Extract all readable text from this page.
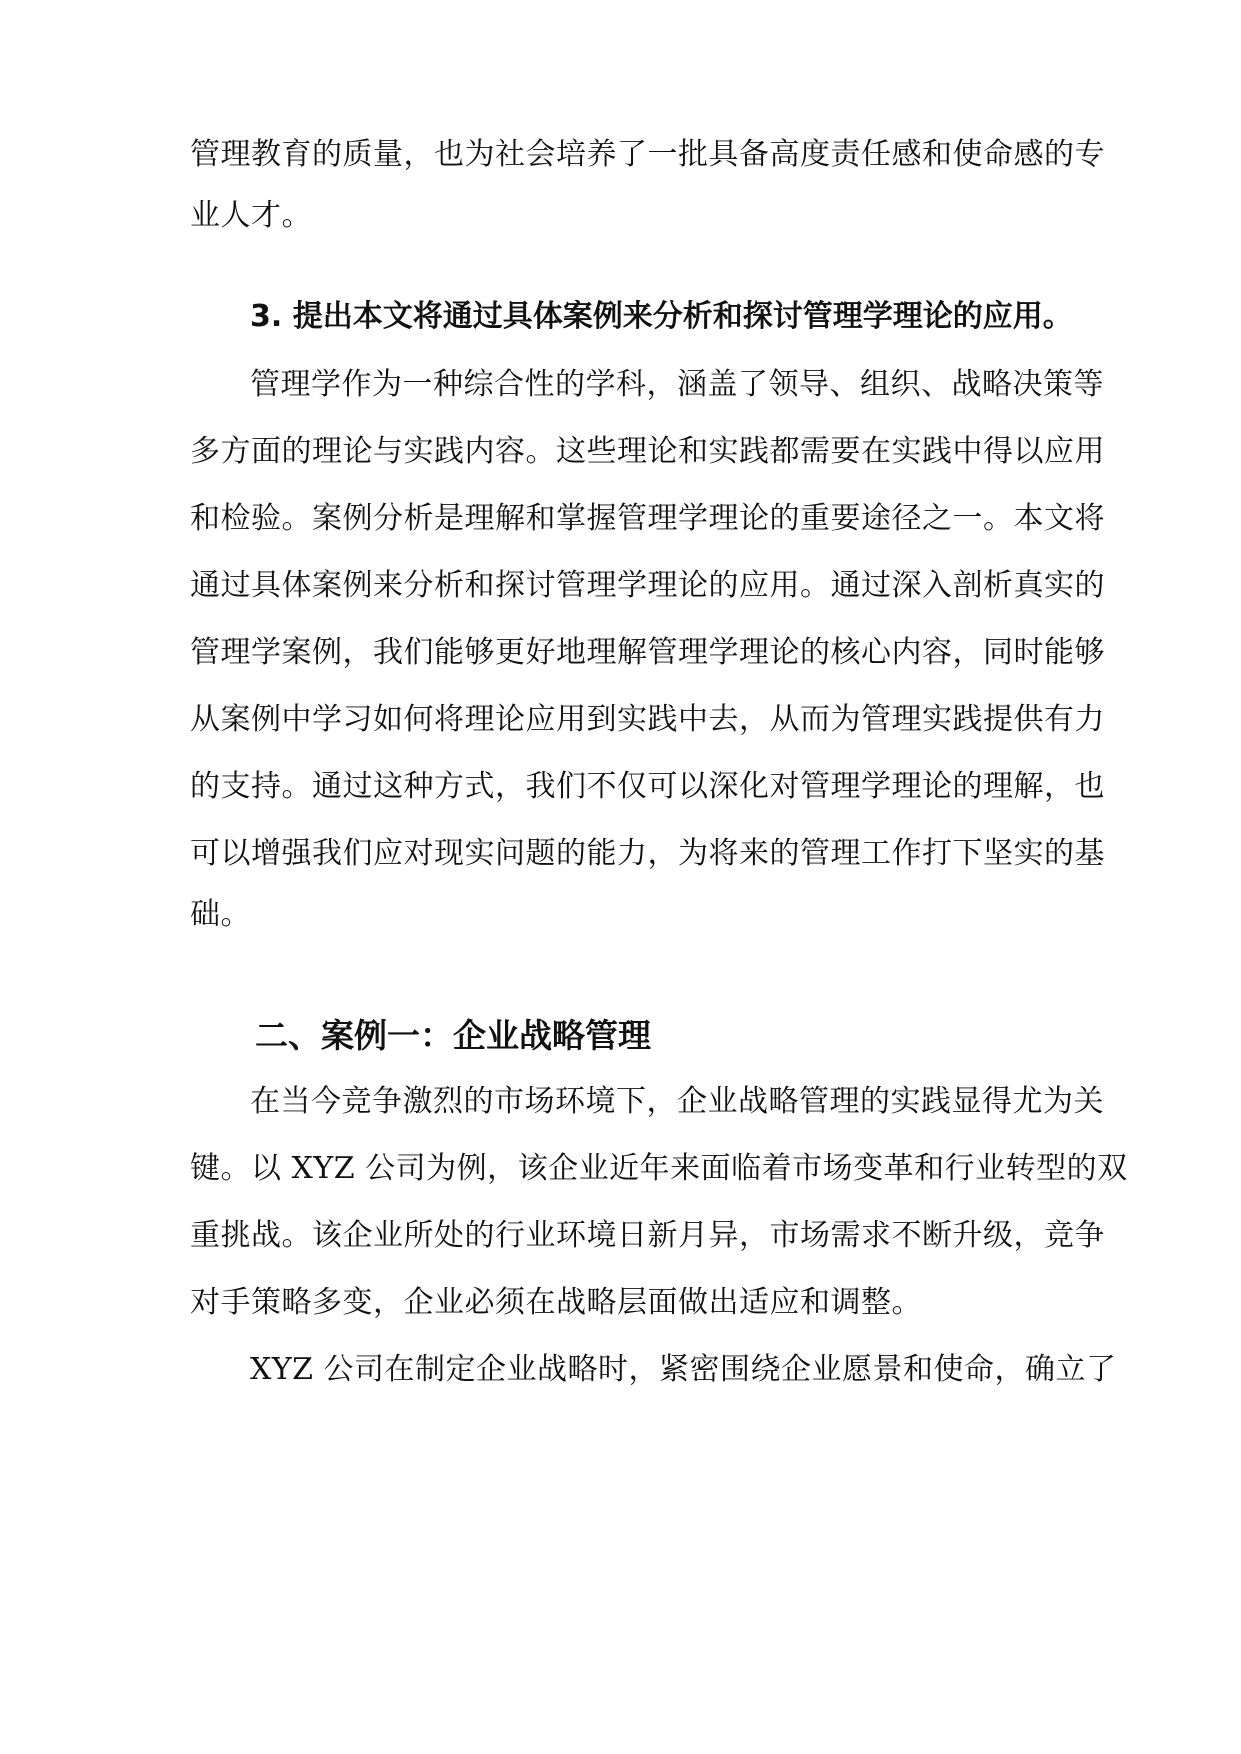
管理教育的质量，也为社会培养了一批具备高度责任感和使命感的专
业人才。
3. 提出本文将通过具体案例来分析和探讨管理学理论的应用。
管理学作为一种综合性的学科，涵盖了领导、组织、战略决策等
多方面的理论与实践内容。这些理论和实践都需要在实践中得以应用
和检验。案例分析是理解和掌握管理学理论的重要途径之一。本文将
通过具体案例来分析和探讨管理学理论的应用。通过深入剖析真实的
管理学案例，我们能够更好地理解管理学理论的核心内容，同时能够
从案例中学习如何将理论应用到实践中去，从而为管理实践提供有力
的支持。通过这种方式，我们不仅可以深化对管理学理论的理解，也
可以增强我们应对现实问题的能力，为将来的管理工作打下坚实的基
础。
二、案例一：企业战略管理
在当今竞争激烈的市场环境下，企业战略管理的实践显得尤为关
键。以 XYZ 公司为例，该企业近年来面临着市场变革和行业转型的双
重挑战。该企业所处的行业环境日新月异，市场需求不断升级，竞争
对手策略多变，企业必须在战略层面做出适应和调整。
XYZ 公司在制定企业战略时，紧密围绕企业愿景和使命，确立了
